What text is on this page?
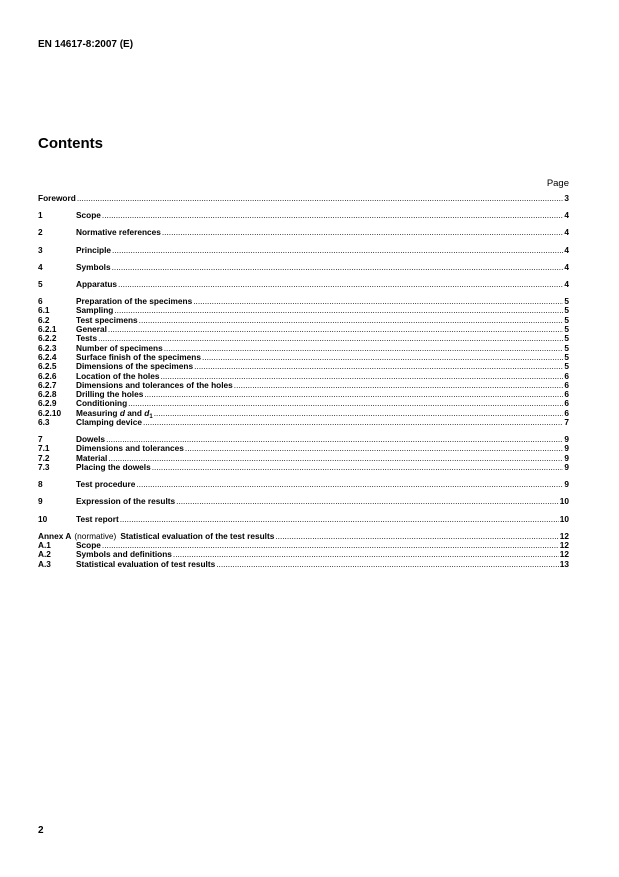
EN 14617-8:2007 (E)
Contents
Page
Foreword .....	3
1	Scope .....	4
2	Normative references .....	4
3	Principle .....	4
4	Symbols .....	4
5	Apparatus .....	4
6	Preparation of the specimens .....	5
6.1	Sampling .....	5
6.2	Test specimens .....	5
6.2.1	General .....	5
6.2.2	Tests .....	5
6.2.3	Number of specimens .....	5
6.2.4	Surface finish of the specimens .....	5
6.2.5	Dimensions of the specimens .....	5
6.2.6	Location of the holes .....	6
6.2.7	Dimensions and tolerances of the holes .....	6
6.2.8	Drilling the holes .....	6
6.2.9	Conditioning .....	6
6.2.10	Measuring d and $d_1$ .....	6
6.3	Clamping device .....	7
7	Dowels .....	9
7.1	Dimensions and tolerances .....	9
7.2	Material .....	9
7.3	Placing the dowels .....	9
8	Test procedure .....	9
9	Expression of the results .....	10
10	Test report .....	10
Annex A (normative) Statistical evaluation of the test results .....	12
A.1	Scope .....	12
A.2	Symbols and definitions .....	12
A.3	Statistical evaluation of test results .....	13
2
